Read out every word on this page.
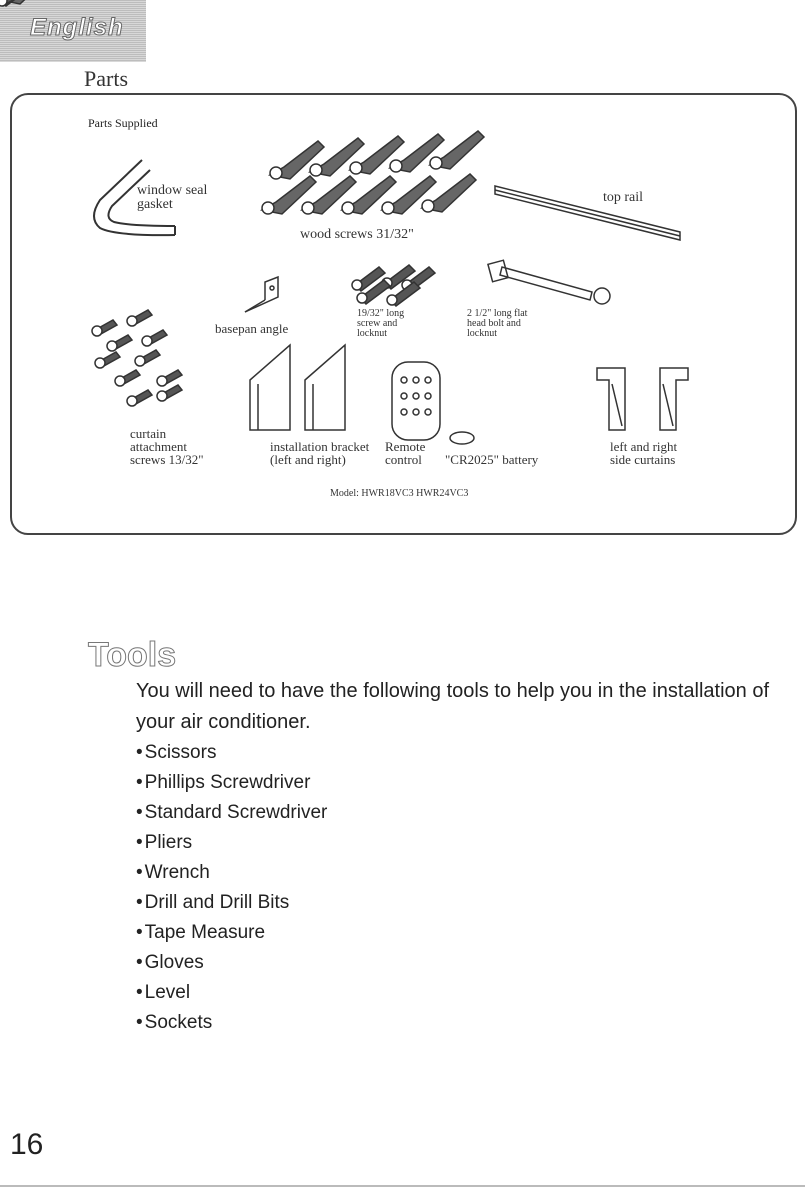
English
Parts
Parts Supplied
window seal
gasket
wood screws 31/32"
top rail
basepan angle
19/32" long
screw and
locknut
2 1/2" long flat
head bolt and
locknut
curtain
attachment
screws 13/32"
installation bracket
(left and right)
Remote
control "CR2025" battery
left and right
side curtains
Model: HWR18VC3 HWR24VC3
Tools
You will need to have the following tools to help you in the installation of your air conditioner.
• Scissors
• Phillips Screwdriver
• Standard Screwdriver
• Pliers
• Wrench
• Drill and Drill Bits
• Tape Measure
• Gloves
• Level
• Sockets
16
